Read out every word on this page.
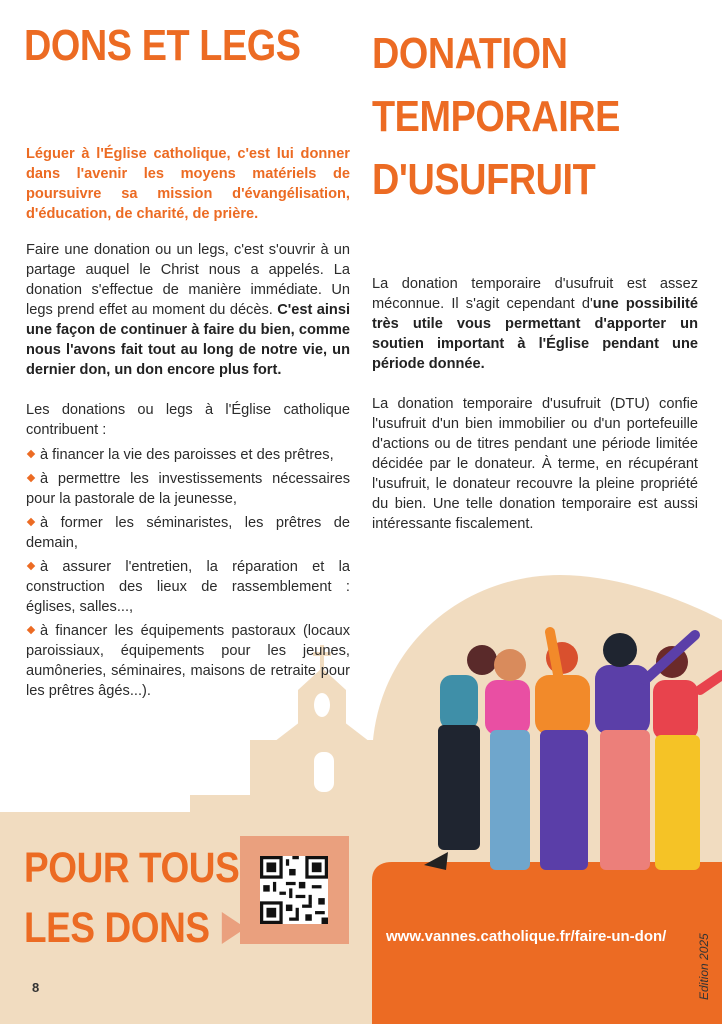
DONS ET LEGS DONATION
TEMPORAIRE
D'USUFRUIT
Léguer à l'Église catholique, c'est lui donner dans l'avenir les moyens matériels de poursuivre sa mission d'évangélisation, d'éducation, de charité, de prière.
Faire une donation ou un legs, c'est s'ouvrir à un partage auquel le Christ nous a appelés. La donation s'effectue de manière immédiate. Un legs prend effet au moment du décès. C'est ainsi une façon de continuer à faire du bien, comme nous l'avons fait tout au long de notre vie, un dernier don, un don encore plus fort.
Les donations ou legs à l'Église catholique contribuent :
à financer la vie des paroisses et des prêtres,
à permettre les investissements nécessaires pour la pastorale de la jeunesse,
à former les séminaristes, les prêtres de demain,
à assurer l'entretien, la réparation et la construction des lieux de rassemblement : églises, salles...,
à financer les équipements pastoraux (locaux paroissiaux, équipements pour les jeunes, aumôneries, séminaires, maisons de retraite pour les prêtres âgés...).
La donation temporaire d'usufruit est assez méconnue. Il s'agit cependant d'une possibilité très utile vous permettant d'apporter un soutien important à l'Église pendant une période donnée.
La donation temporaire d'usufruit (DTU) confie l'usufruit d'un bien immobilier ou d'un portefeuille d'actions ou de titres pendant une période limitée décidée par le donateur. À terme, en récupérant l'usufruit, le donateur recouvre la pleine propriété du bien. Une telle donation temporaire est aussi intéressante fiscalement.
POUR TOUS
LES DONS	www.vannes.catholique.fr/faire-un-don/	Edition 2025
8
